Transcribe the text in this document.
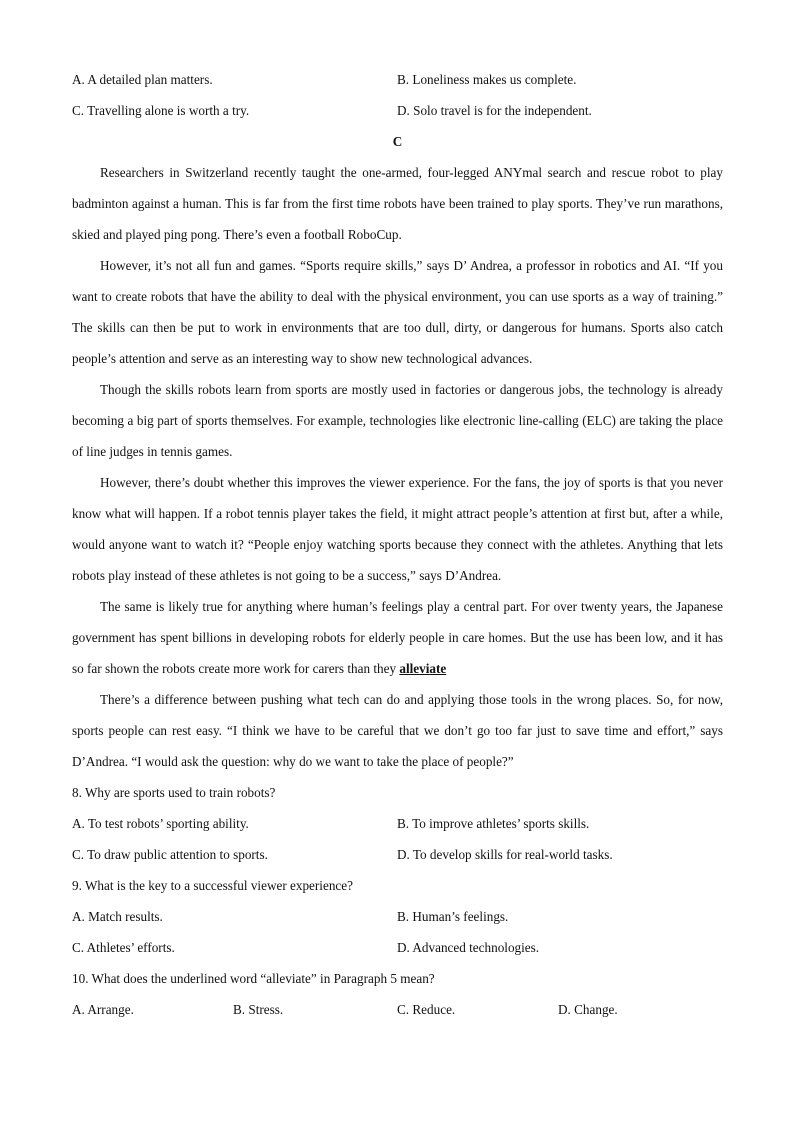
A. A detailed plan matters.	B. Loneliness makes us complete.
C. Travelling alone is worth a try.	D. Solo travel is for the independent.
C

Researchers in Switzerland recently taught the one-armed, four-legged ANYmal search and rescue robot to play badminton against a human. This is far from the first time robots have been trained to play sports. They’ve run marathons, skied and played ping pong. There’s even a football RoboCup.

However, it’s not all fun and games. “Sports require skills,” says D’ Andrea, a professor in robotics and AI. “If you want to create robots that have the ability to deal with the physical environment, you can use sports as a way of training.” The skills can then be put to work in environments that are too dull, dirty, or dangerous for humans. Sports also catch people’s attention and serve as an interesting way to show new technological advances.

Though the skills robots learn from sports are mostly used in factories or dangerous jobs, the technology is already becoming a big part of sports themselves. For example, technologies like electronic line-calling (ELC) are taking the place of line judges in tennis games.

However, there’s doubt whether this improves the viewer experience. For the fans, the joy of sports is that you never know what will happen. If a robot tennis player takes the field, it might attract people’s attention at first but, after a while, would anyone want to watch it? “People enjoy watching sports because they connect with the athletes. Anything that lets robots play instead of these athletes is not going to be a success,” says D’Andrea.

The same is likely true for anything where human’s feelings play a central part. For over twenty years, the Japanese government has spent billions in developing robots for elderly people in care homes. But the use has been low, and it has so far shown the robots create more work for carers than they alleviate

There’s a difference between pushing what tech can do and applying those tools in the wrong places. So, for now, sports people can rest easy. “I think we have to be careful that we don’t go too far just to save time and effort,” says D’Andrea. “I would ask the question: why do we want to take the place of people?”

8. Why are sports used to train robots?
A. To test robots’ sporting ability.	B. To improve athletes’ sports skills.
C. To draw public attention to sports.	D. To develop skills for real-world tasks.
9. What is the key to a successful viewer experience?
A. Match results.	B. Human’s feelings.
C. Athletes’ efforts.	D. Advanced technologies.
10. What does the underlined word “alleviate” in Paragraph 5 mean?
A. Arrange.	B. Stress.	C. Reduce.	D. Change.
